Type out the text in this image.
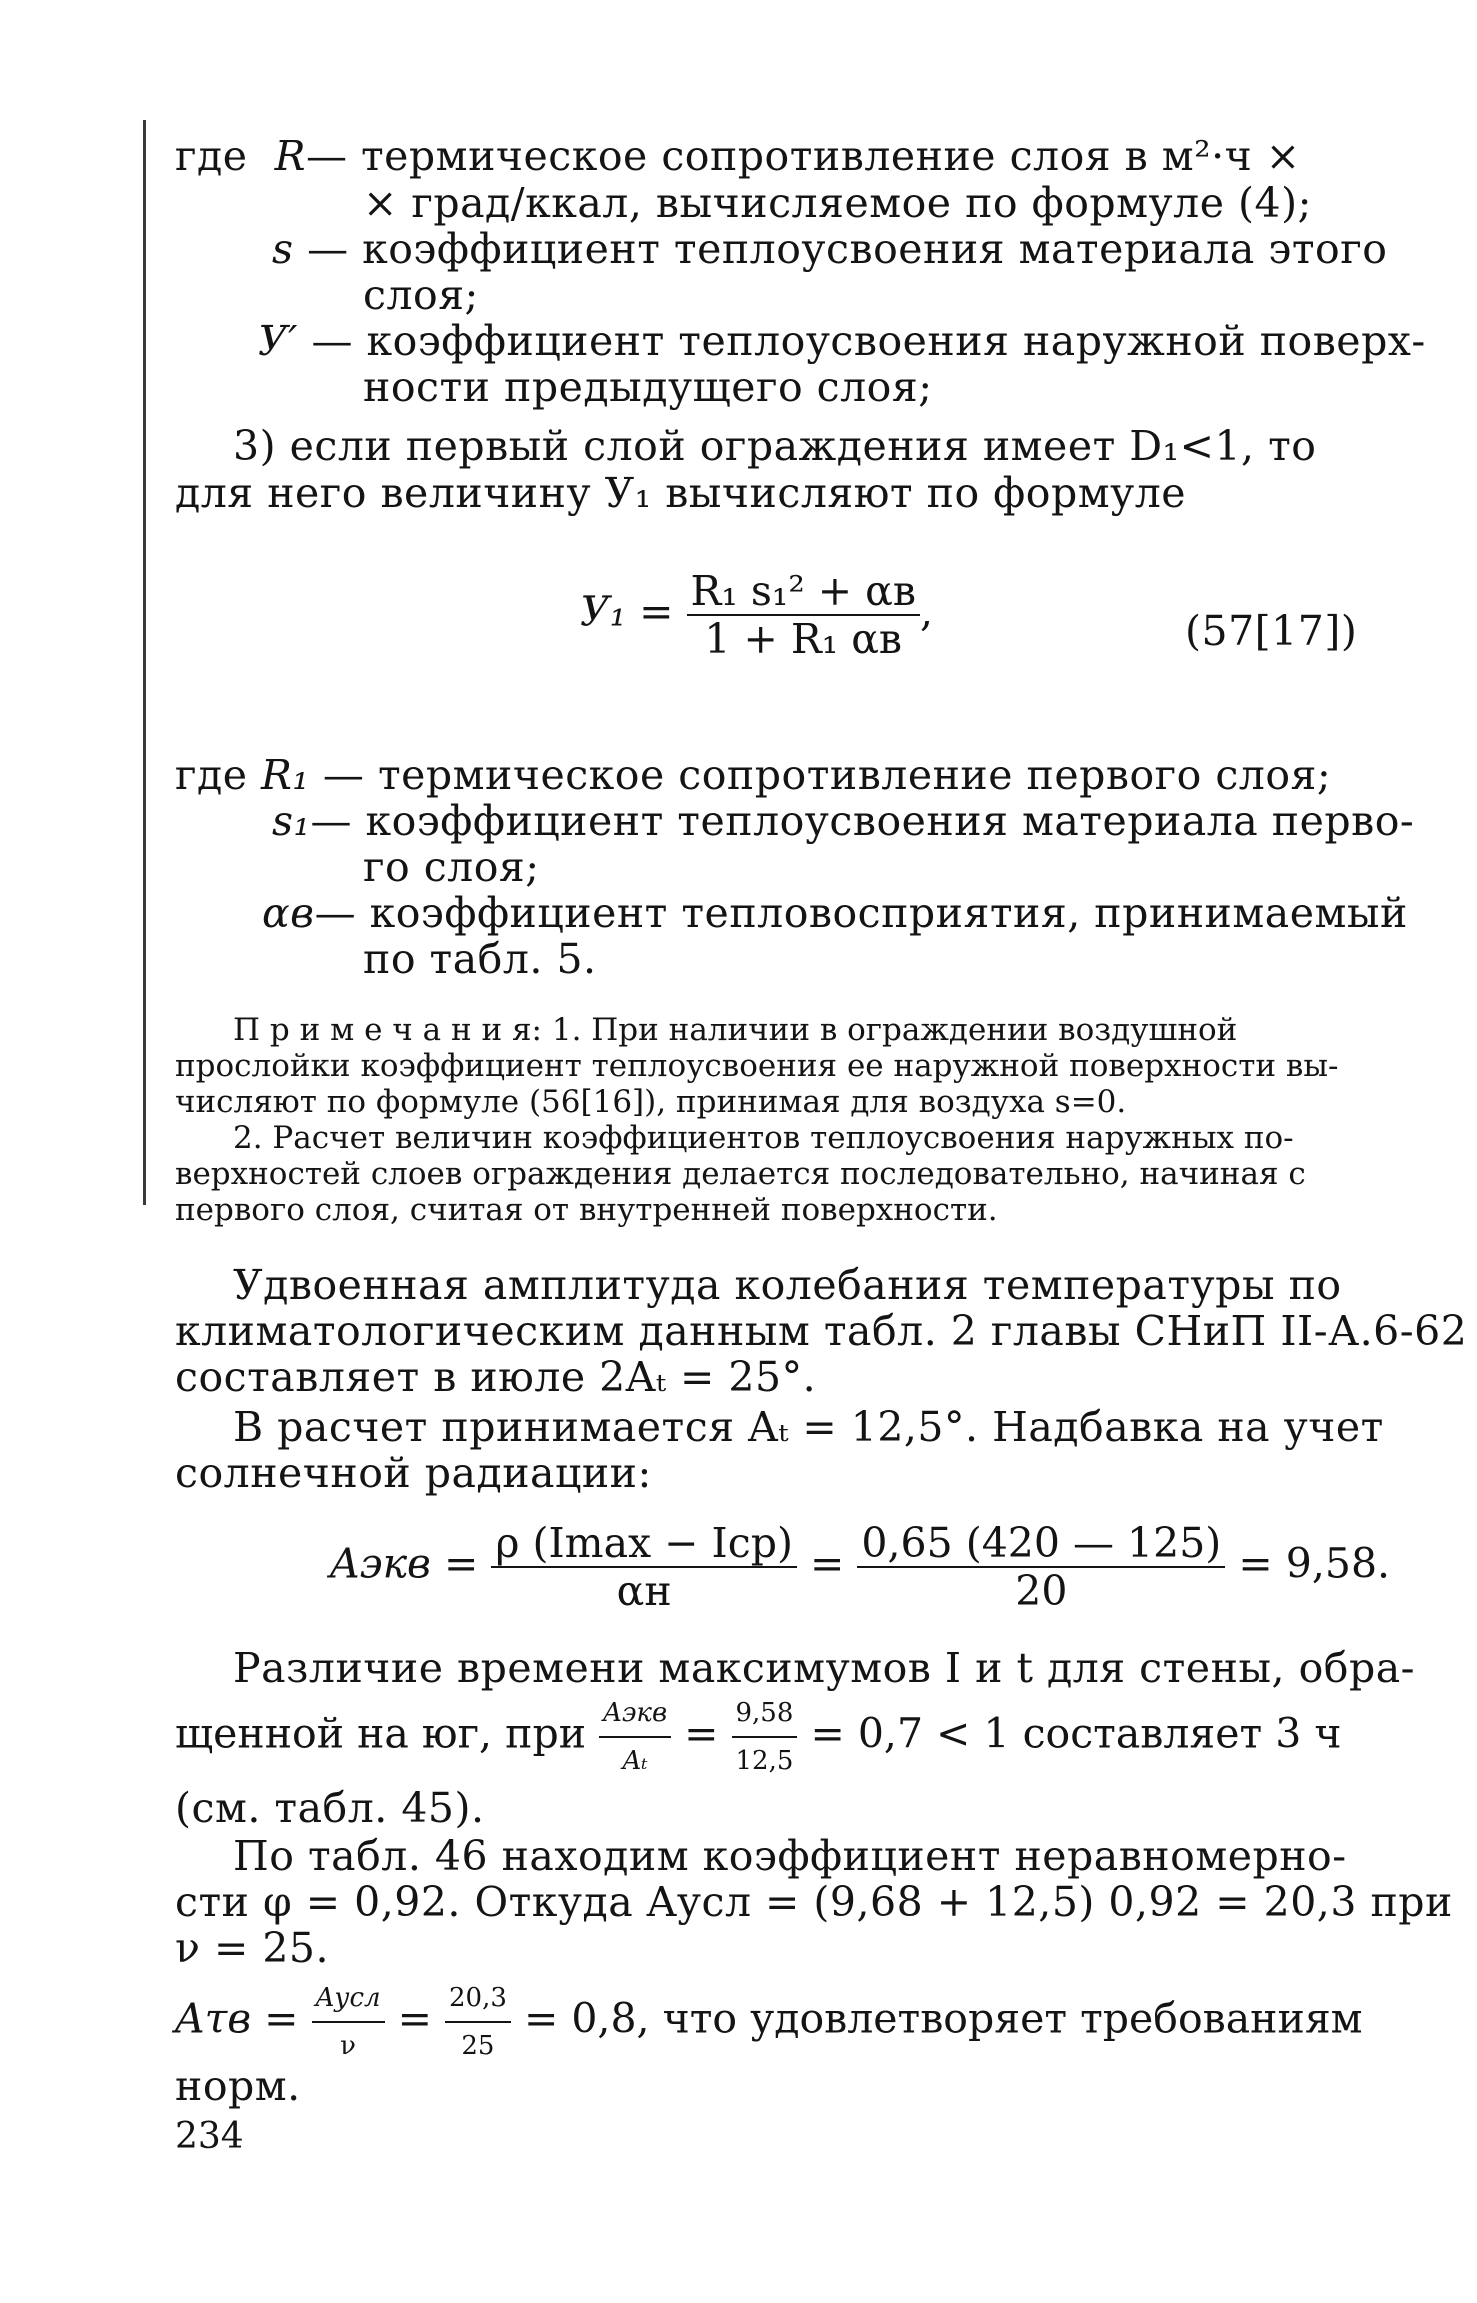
где R— термическое сопротивление слоя в м²·ч ×
× град/ккал, вычисляемое по формуле (4);
s — коэффициент теплоусвоения материала этого
слоя;
У′ — коэффициент теплоусвоения наружной поверх-
ности предыдущего слоя;
3) если первый слой ограждения имеет D₁<1, то
для него величину У₁ вычисляют по формуле
$У_1 = \frac{\text{R₁ s₁² + αв}}{\text{1 + R₁ αв}}$ ,	(57[17])
где R₁ — термическое сопротивление первого слоя;
s₁— коэффициент теплоусвоения материала перво-
го слоя;
αв— коэффициент тепловосприятия, принимаемый
по табл. 5.
П р и м е ч а н и я: 1. При наличии в ограждении воздушной
прослойки коэффициент теплоусвоения ее наружной поверхности вы-
числяют по формуле (56[16]), принимая для воздуха s=0.
2. Расчет величин коэффициентов теплоусвоения наружных по-
верхностей слоев ограждения делается последовательно, начиная с
первого слоя, считая от внутренней поверхности.
Удвоенная амплитуда колебания температуры по
климатологическим данным табл. 2 главы СНиП II-А.6-62
составляет в июле 2Aₜ = 25°.
В расчет принимается Aₜ = 12,5°. Надбавка на учет
солнечной радиации:
Aэкв = $\frac{\text{ρ (Imax − Iср)}}{\alpha н} = \frac{0,65 (420 — 125)}{20} = 9,58$.
Различие времени максимумов I и t для стены, обра-
щенной на юг, при $\frac{\text{Aэкв}}{\text{Aₜ}} = \frac{9,58}{12,5} = 0,7 < 1$ составляет 3 ч
(см. табл. 45).
По табл. 46 находим коэффициент неравномерно-
сти φ = 0,92. Откуда Aусл = (9,68 + 12,5) 0,92 = 20,3 при
ν = 25.
$A\tau в = \frac{\text{Aусл}}{\nu} = \frac{20,3}{25} = 0,8$, что удовлетворяет требованиям
норм.
234
